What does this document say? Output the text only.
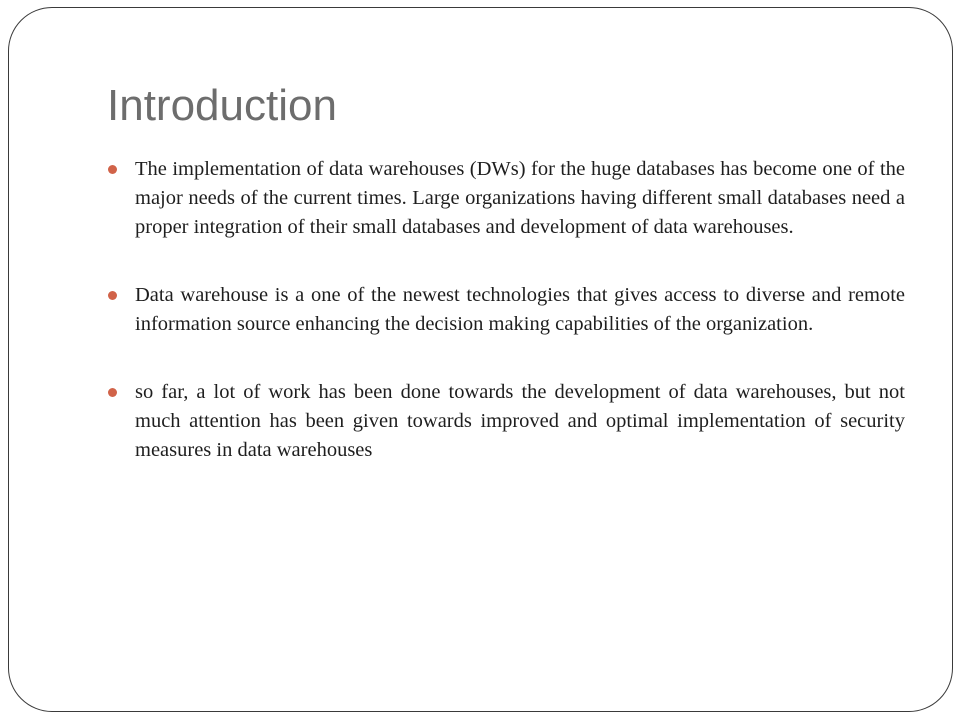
Introduction
The implementation of data warehouses (DWs) for the huge databases has become one of the major needs of the current times. Large organizations having different small databases need a proper integration of their small databases and development of data warehouses.
Data warehouse is a one of the newest technologies that gives access to diverse and remote information source enhancing the decision making capabilities of the organization.
so far, a lot of work has been done towards the development of data warehouses, but not much attention has been given towards improved and optimal implementation of security measures in data warehouses
